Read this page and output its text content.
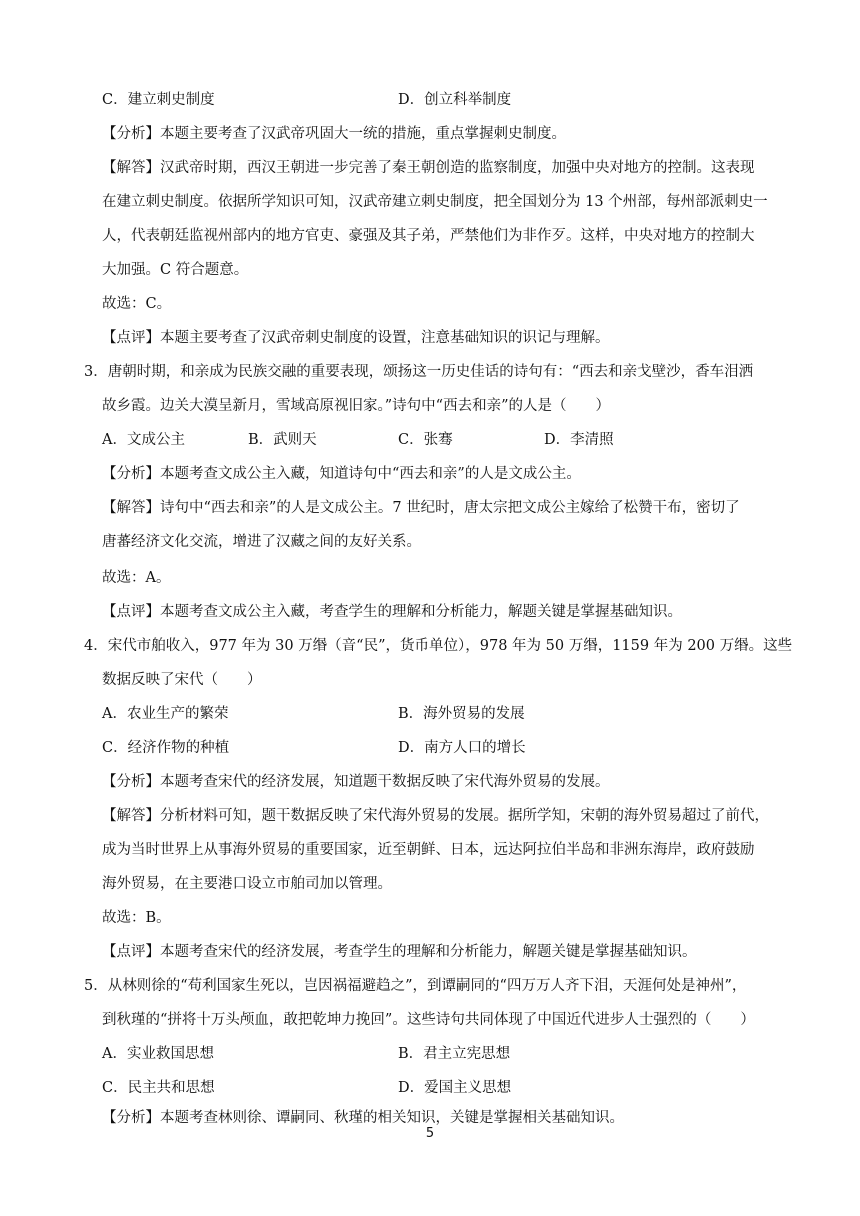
C．建立刺史制度	D．创立科举制度
【分析】本题主要考查了汉武帝巩固大一统的措施，重点掌握刺史制度。
【解答】汉武帝时期，西汉王朝进一步完善了秦王朝创造的监察制度，加强中央对地方的控制。这表现
在建立刺史制度。依据所学知识可知，汉武帝建立刺史制度，把全国划分为 13 个州部，每州部派刺史一
人，代表朝廷监视州部内的地方官吏、豪强及其子弟，严禁他们为非作歹。这样，中央对地方的控制大
大加强。C 符合题意。
故选：C。
【点评】本题主要考查了汉武帝刺史制度的设置，注意基础知识的识记与理解。
3．唐朝时期，和亲成为民族交融的重要表现，颂扬这一历史佳话的诗句有：“西去和亲戈壁沙，香车泪洒
故乡霞。边关大漠呈新月，雪域高原视旧家。”诗句中“西去和亲”的人是（　　）
A．文成公主	B．武则天	C．张骞	D．李清照
【分析】本题考查文成公主入藏，知道诗句中“西去和亲”的人是文成公主。
【解答】诗句中“西去和亲”的人是文成公主。7 世纪时，唐太宗把文成公主嫁给了松赞干布，密切了
唐蕃经济文化交流，增进了汉藏之间的友好关系。
故选：A。
【点评】本题考查文成公主入藏，考查学生的理解和分析能力，解题关键是掌握基础知识。
4．宋代市舶收入，977 年为 30 万缗（音“民”，货币单位），978 年为 50 万缗，1159 年为 200 万缗。这些
数据反映了宋代（　　）
A．农业生产的繁荣	B．海外贸易的发展
C．经济作物的种植	D．南方人口的增长
【分析】本题考查宋代的经济发展，知道题干数据反映了宋代海外贸易的发展。
【解答】分析材料可知，题干数据反映了宋代海外贸易的发展。据所学知，宋朝的海外贸易超过了前代，
成为当时世界上从事海外贸易的重要国家，近至朝鲜、日本，远达阿拉伯半岛和非洲东海岸，政府鼓励
海外贸易，在主要港口设立市舶司加以管理。
故选：B。
【点评】本题考查宋代的经济发展，考查学生的理解和分析能力，解题关键是掌握基础知识。
5．从林则徐的“苟利国家生死以，岂因祸福避趋之”，到谭嗣同的“四万万人齐下泪，天涯何处是神州”，
到秋瑾的“拼将十万头颅血，敢把乾坤力挽回”。这些诗句共同体现了中国近代进步人士强烈的（　　）
A．实业救国思想	B．君主立宪思想
C．民主共和思想	D．爱国主义思想
【分析】本题考查林则徐、谭嗣同、秋瑾的相关知识，关键是掌握相关基础知识。
5
